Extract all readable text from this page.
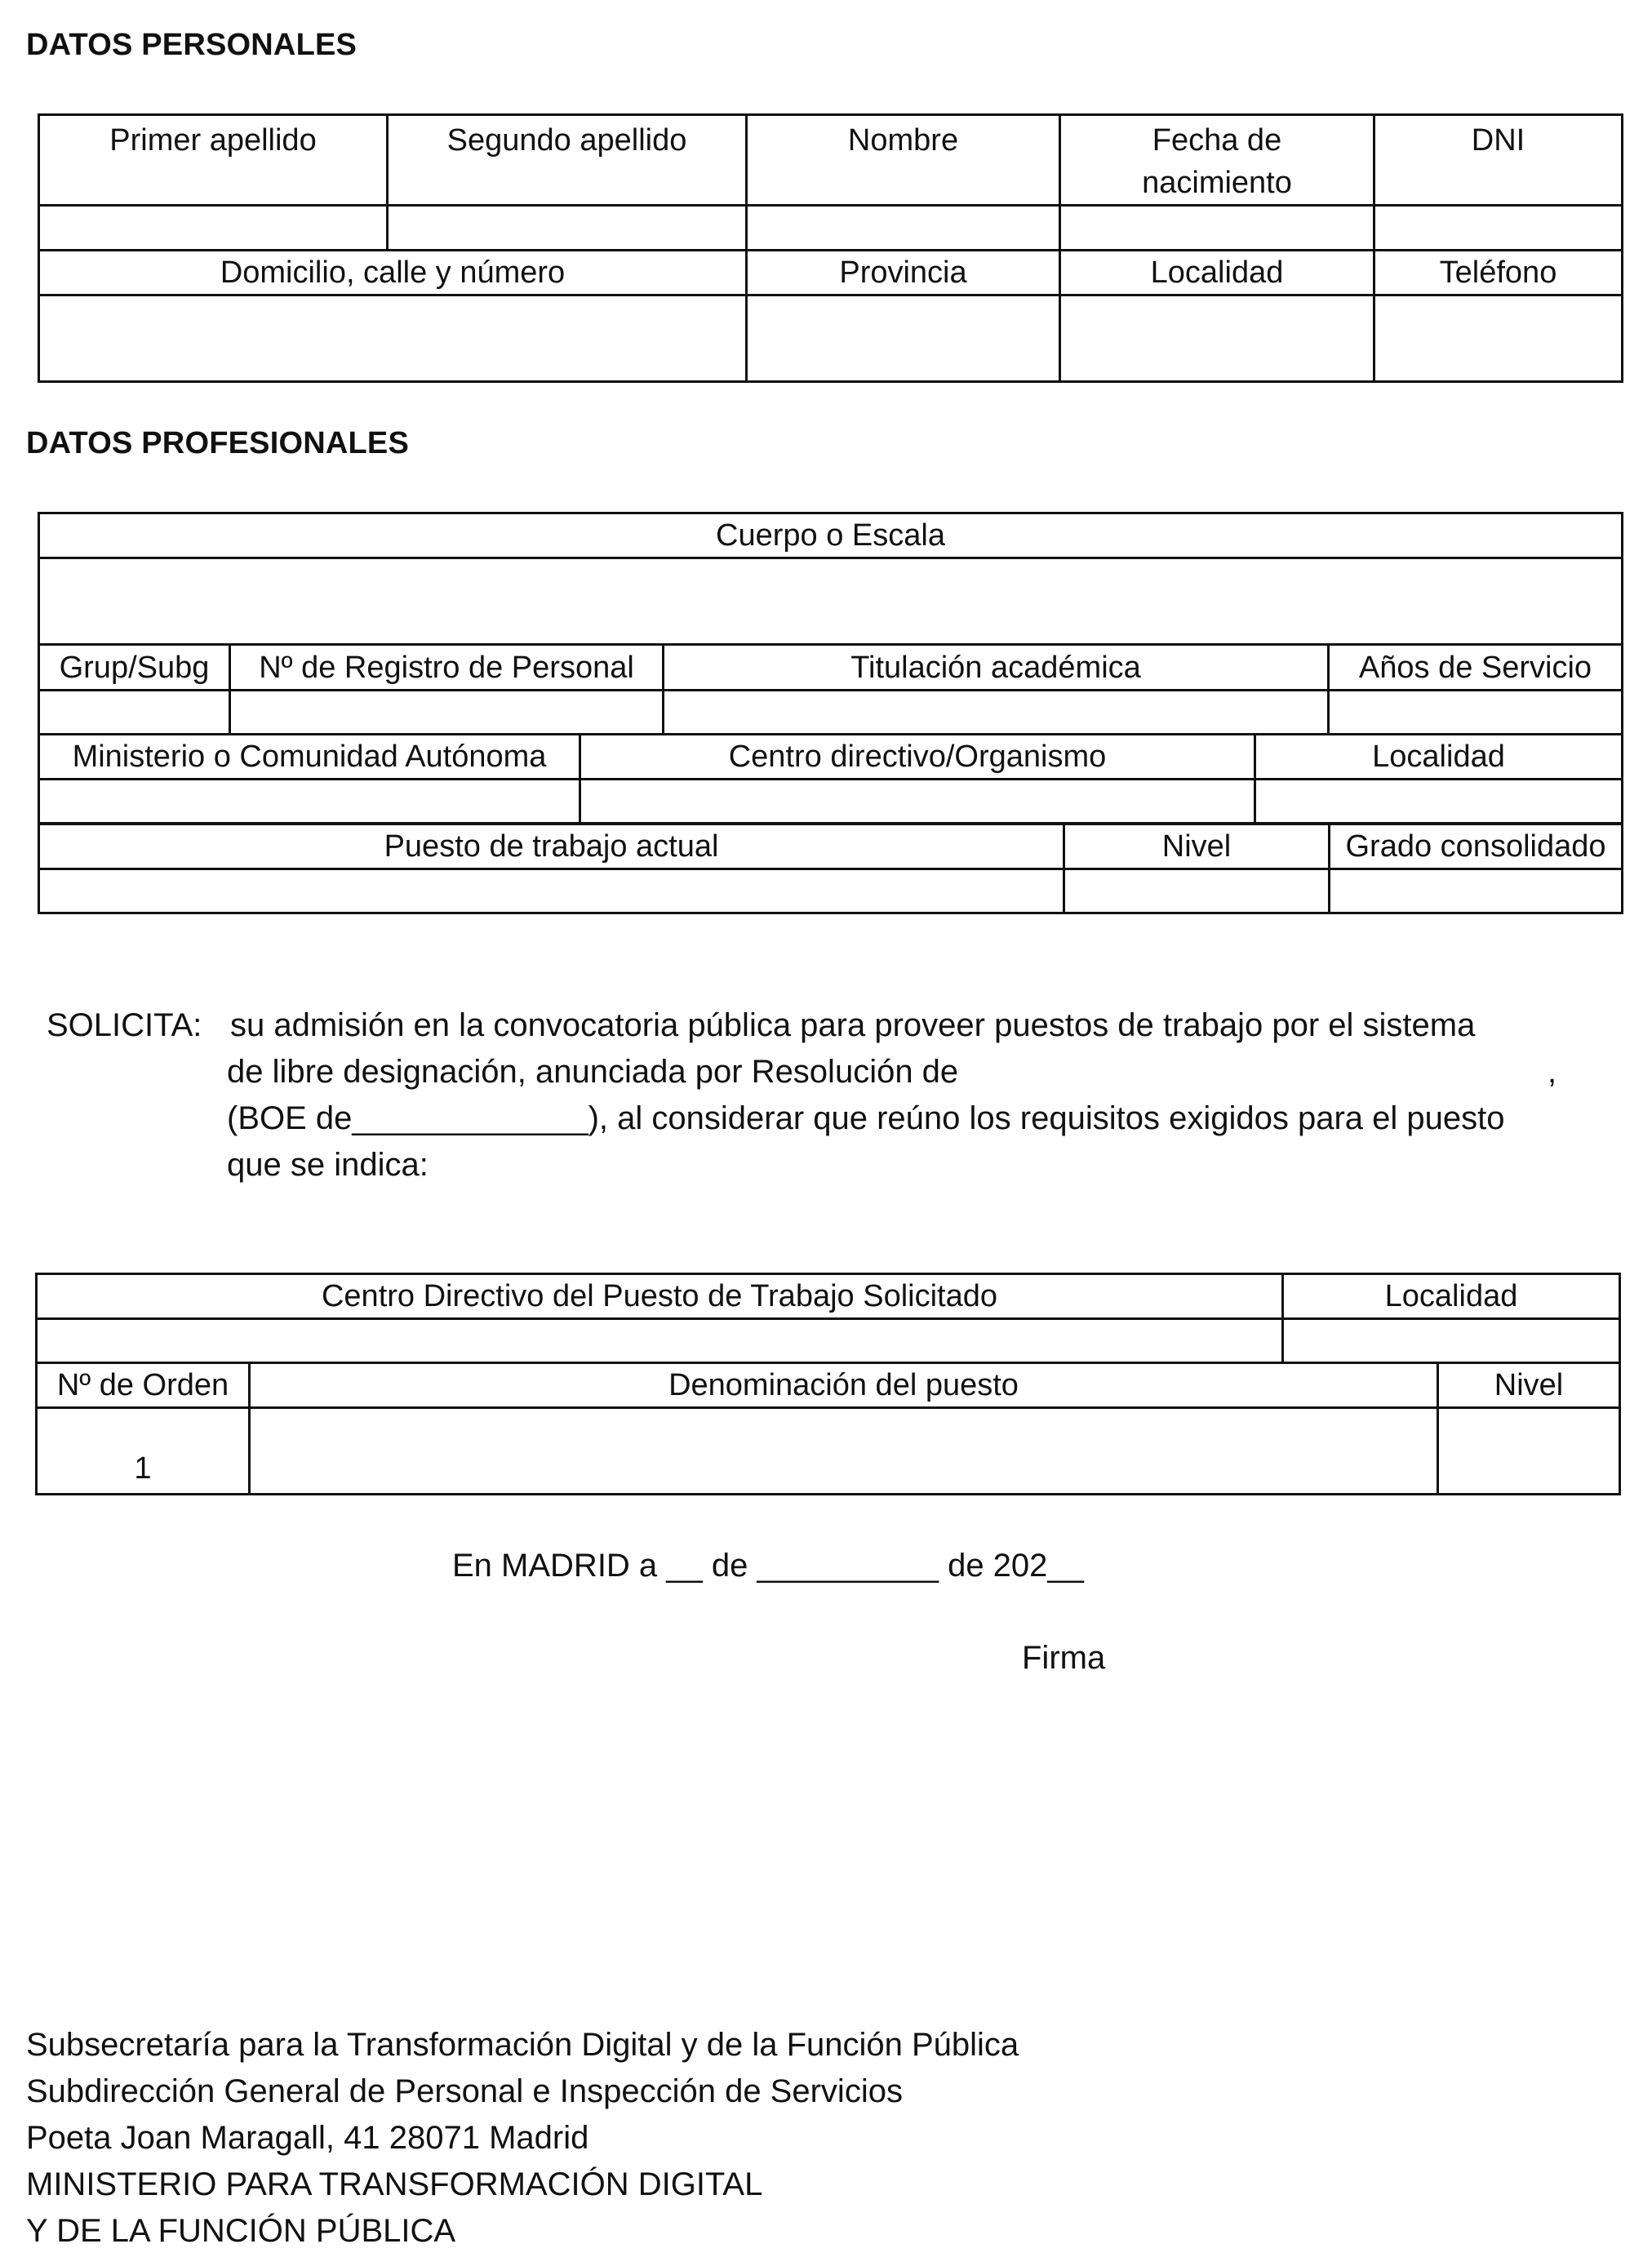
DATOS PERSONALES
Primer apellido	Segundo apellido	Nombre	Fecha de nacimiento	DNI

Domicilio, calle y número		Provincia	Localidad	Teléfono

DATOS PROFESIONALES
Cuerpo o Escala			

Grup/Subg	Nº de Registro de Personal	Titulación académica	Años de Servicio

Ministerio o Comunidad Autónoma	Centro directivo/Organismo	Localidad

Puesto de trabajo actual	Nivel	Grado consolidado

SOLICITA: su admisión en la convocatoria pública para proveer puestos de trabajo por el sistema
de libre designación, anunciada por Resolución de	,
(BOE de_____________), al considerar que reúno los requisitos exigidos para el puesto
que se indica:
Centro Directivo del Puesto de Trabajo Solicitado	Localidad

Nº de Orden	Denominación del puesto	Nivel
1		
En MADRID a __ de __________ de 202__
Firma
Subsecretaría para la Transformación Digital y de la Función Pública
Subdirección General de Personal e Inspección de Servicios
Poeta Joan Maragall, 41 28071 Madrid
MINISTERIO PARA TRANSFORMACIÓN DIGITAL
Y DE LA FUNCIÓN PÚBLICA
